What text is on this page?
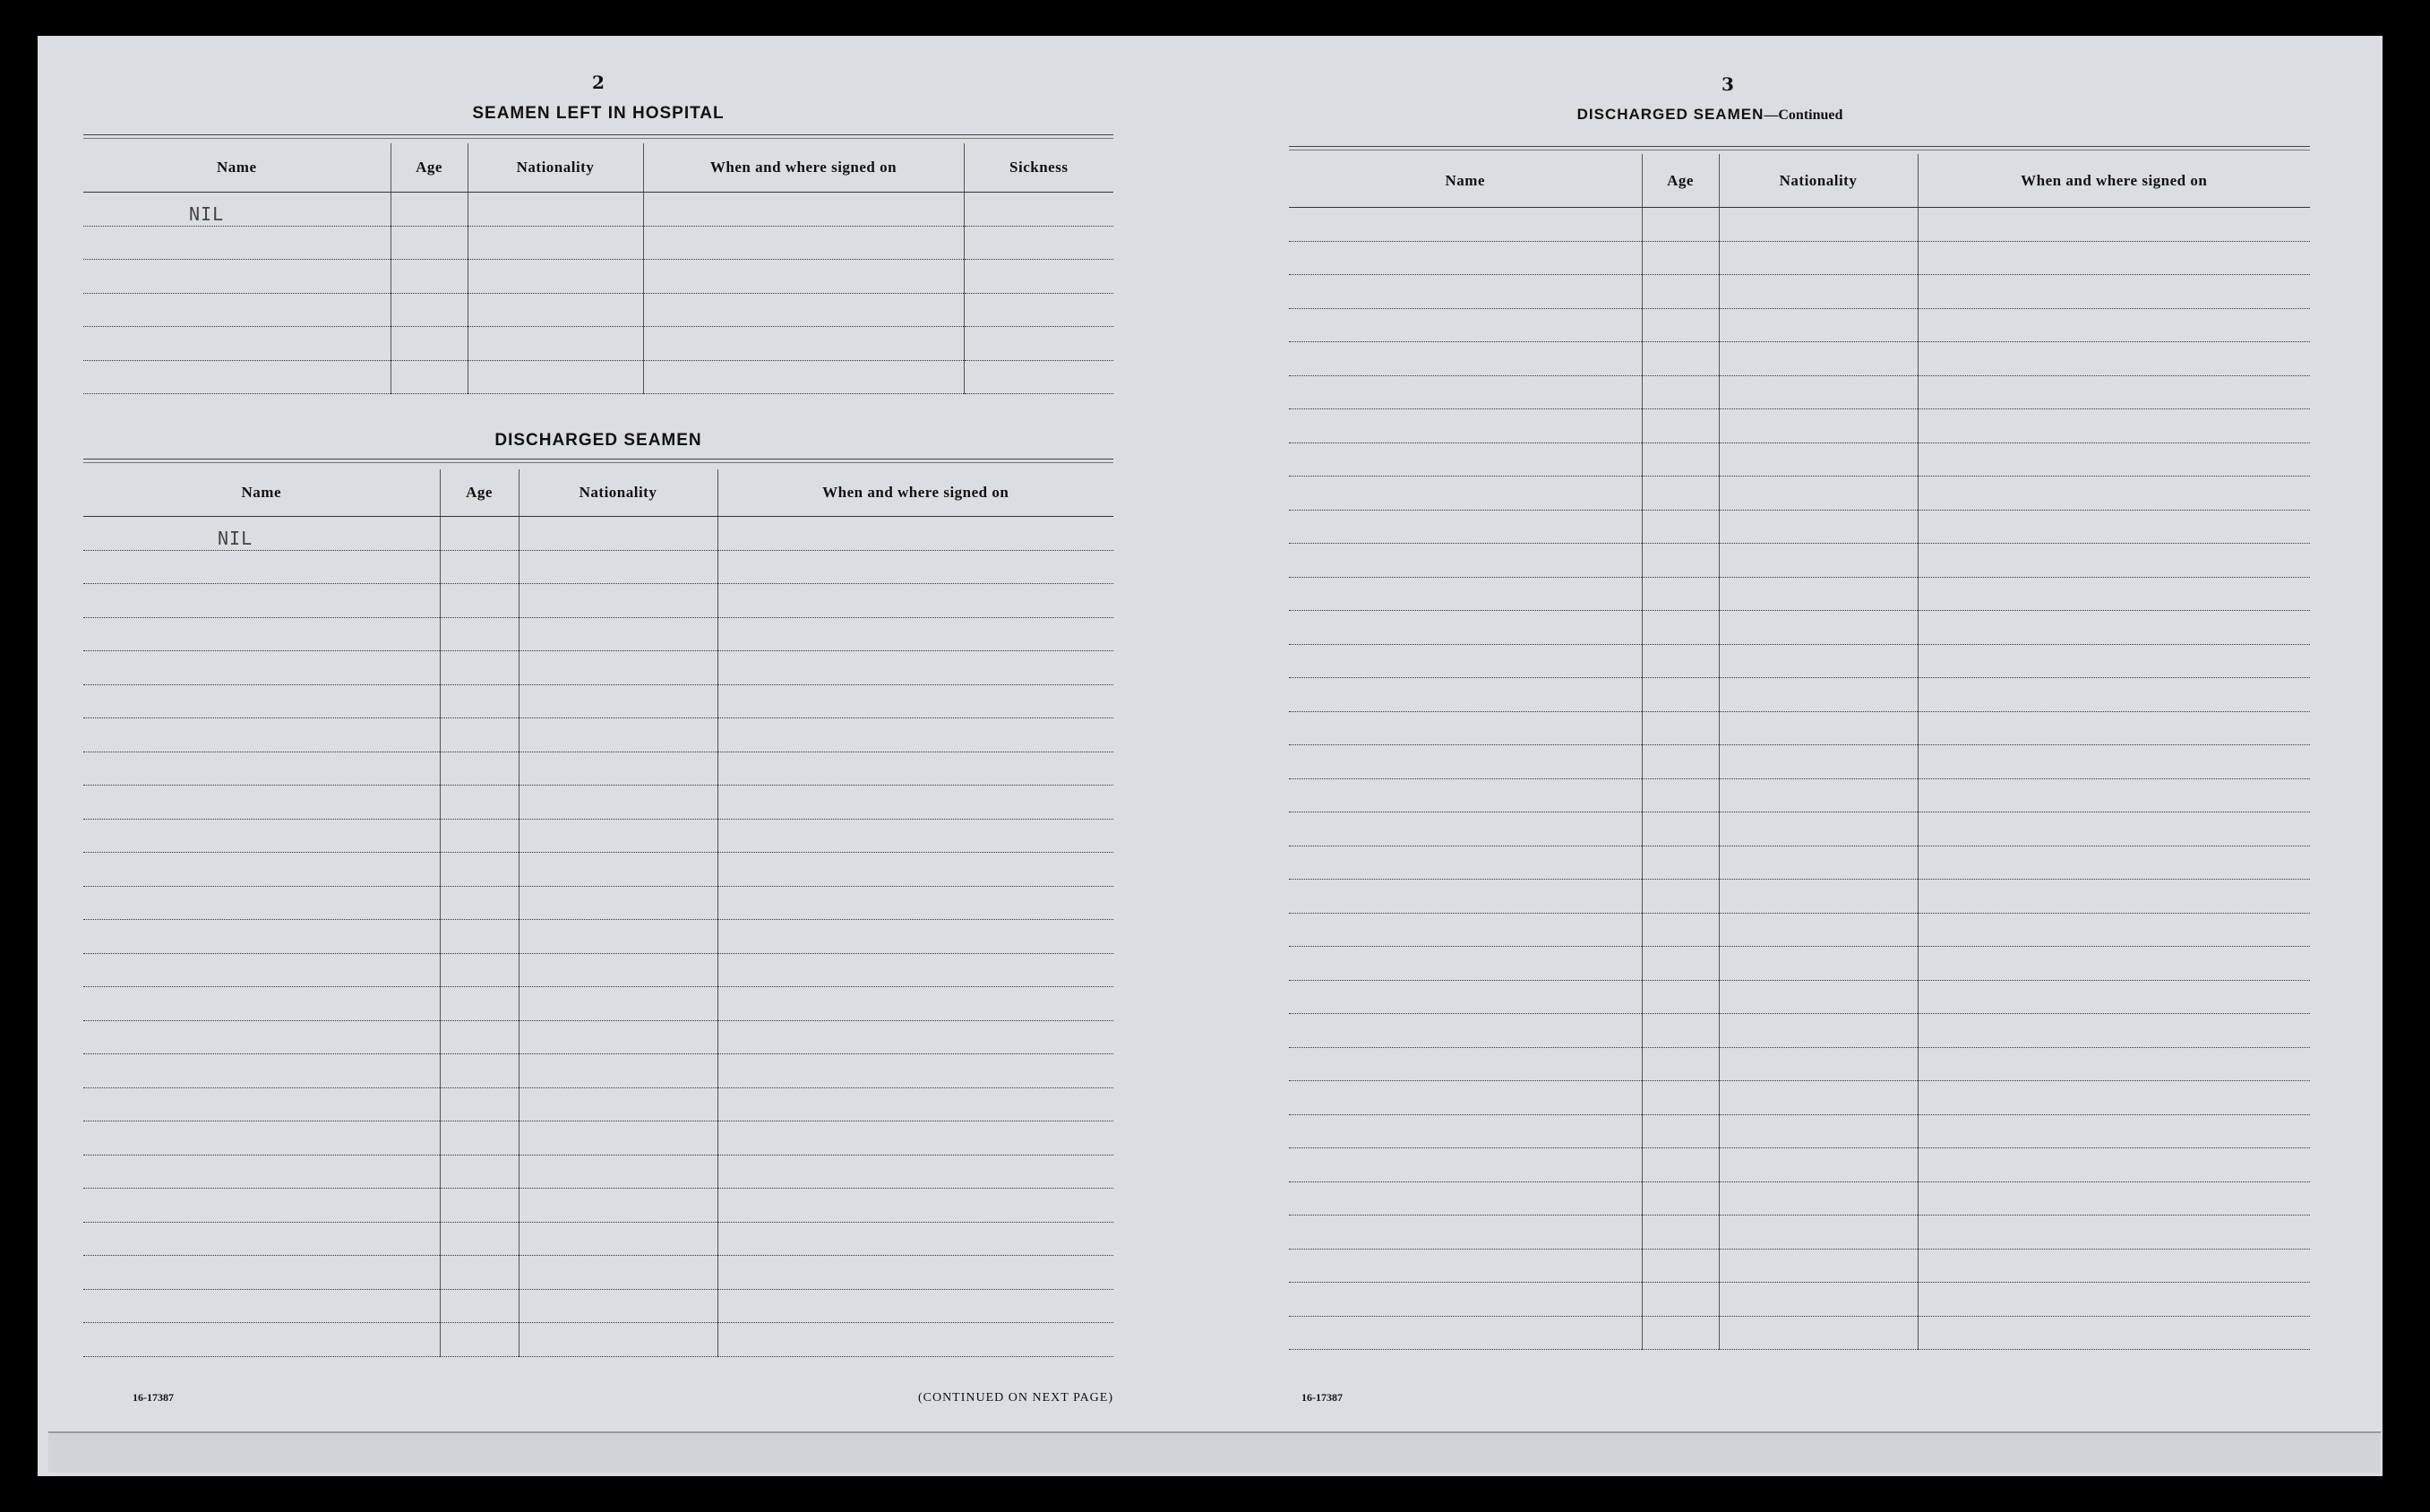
2
SEAMEN LEFT IN HOSPITAL
Name	Age	Nationality	When and where signed on	Sickness
NIL				

DISCHARGED SEAMEN
Name	Age	Nationality	When and where signed on
NIL			

16-17387	(CONTINUED ON NEXT PAGE)
3
DISCHARGED SEAMEN—Continued
Name	Age	Nationality	When and where signed on

16-17387
